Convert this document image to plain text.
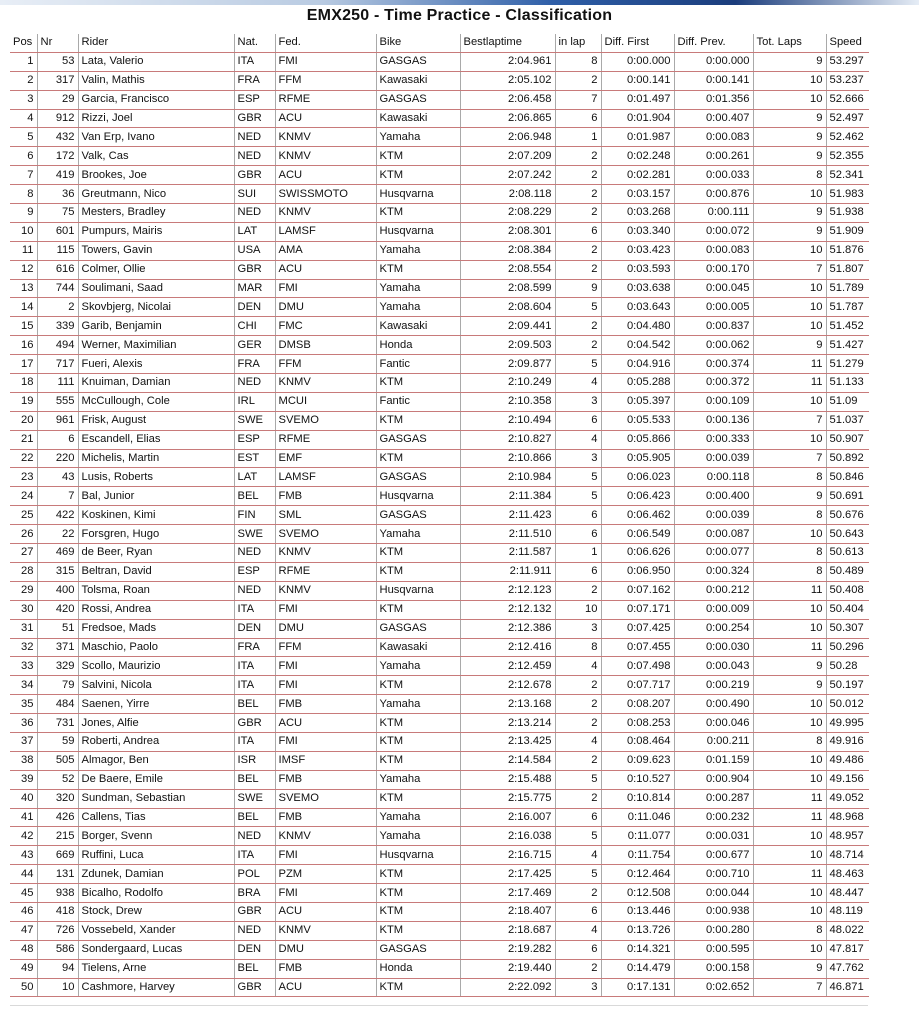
EMX250 - Time Practice - Classification
Pos	Nr	Rider	Nat.	Fed.	Bike	Bestlaptime	in lap	Diff. First	Diff. Prev.	Tot. Laps	Speed
1	53	Lata, Valerio	ITA	FMI	GASGAS	2:04.961	8	0:00.000	0:00.000	9	53.297
2	317	Valin, Mathis	FRA	FFM	Kawasaki	2:05.102	2	0:00.141	0:00.141	10	53.237
3	29	Garcia, Francisco	ESP	RFME	GASGAS	2:06.458	7	0:01.497	0:01.356	10	52.666
4	912	Rizzi, Joel	GBR	ACU	Kawasaki	2:06.865	6	0:01.904	0:00.407	9	52.497
5	432	Van Erp, Ivano	NED	KNMV	Yamaha	2:06.948	1	0:01.987	0:00.083	9	52.462
6	172	Valk, Cas	NED	KNMV	KTM	2:07.209	2	0:02.248	0:00.261	9	52.355
7	419	Brookes, Joe	GBR	ACU	KTM	2:07.242	2	0:02.281	0:00.033	8	52.341
8	36	Greutmann, Nico	SUI	SWISSMOTO	Husqvarna	2:08.118	2	0:03.157	0:00.876	10	51.983
9	75	Mesters, Bradley	NED	KNMV	KTM	2:08.229	2	0:03.268	0:00.111	9	51.938
10	601	Pumpurs, Mairis	LAT	LAMSF	Husqvarna	2:08.301	6	0:03.340	0:00.072	9	51.909
11	115	Towers, Gavin	USA	AMA	Yamaha	2:08.384	2	0:03.423	0:00.083	10	51.876
12	616	Colmer, Ollie	GBR	ACU	KTM	2:08.554	2	0:03.593	0:00.170	7	51.807
13	744	Soulimani, Saad	MAR	FMI	Yamaha	2:08.599	9	0:03.638	0:00.045	10	51.789
14	2	Skovbjerg, Nicolai	DEN	DMU	Yamaha	2:08.604	5	0:03.643	0:00.005	10	51.787
15	339	Garib, Benjamin	CHI	FMC	Kawasaki	2:09.441	2	0:04.480	0:00.837	10	51.452
16	494	Werner, Maximilian	GER	DMSB	Honda	2:09.503	2	0:04.542	0:00.062	9	51.427
17	717	Fueri, Alexis	FRA	FFM	Fantic	2:09.877	5	0:04.916	0:00.374	11	51.279
18	111	Knuiman, Damian	NED	KNMV	KTM	2:10.249	4	0:05.288	0:00.372	11	51.133
19	555	McCullough, Cole	IRL	MCUI	Fantic	2:10.358	3	0:05.397	0:00.109	10	51.09
20	961	Frisk, August	SWE	SVEMO	KTM	2:10.494	6	0:05.533	0:00.136	7	51.037
21	6	Escandell, Elias	ESP	RFME	GASGAS	2:10.827	4	0:05.866	0:00.333	10	50.907
22	220	Michelis, Martin	EST	EMF	KTM	2:10.866	3	0:05.905	0:00.039	7	50.892
23	43	Lusis, Roberts	LAT	LAMSF	GASGAS	2:10.984	5	0:06.023	0:00.118	8	50.846
24	7	Bal, Junior	BEL	FMB	Husqvarna	2:11.384	5	0:06.423	0:00.400	9	50.691
25	422	Koskinen, Kimi	FIN	SML	GASGAS	2:11.423	6	0:06.462	0:00.039	8	50.676
26	22	Forsgren, Hugo	SWE	SVEMO	Yamaha	2:11.510	6	0:06.549	0:00.087	10	50.643
27	469	de Beer, Ryan	NED	KNMV	KTM	2:11.587	1	0:06.626	0:00.077	8	50.613
28	315	Beltran, David	ESP	RFME	KTM	2:11.911	6	0:06.950	0:00.324	8	50.489
29	400	Tolsma, Roan	NED	KNMV	Husqvarna	2:12.123	2	0:07.162	0:00.212	11	50.408
30	420	Rossi, Andrea	ITA	FMI	KTM	2:12.132	10	0:07.171	0:00.009	10	50.404
31	51	Fredsoe, Mads	DEN	DMU	GASGAS	2:12.386	3	0:07.425	0:00.254	10	50.307
32	371	Maschio, Paolo	FRA	FFM	Kawasaki	2:12.416	8	0:07.455	0:00.030	11	50.296
33	329	Scollo, Maurizio	ITA	FMI	Yamaha	2:12.459	4	0:07.498	0:00.043	9	50.28
34	79	Salvini, Nicola	ITA	FMI	KTM	2:12.678	2	0:07.717	0:00.219	9	50.197
35	484	Saenen, Yirre	BEL	FMB	Yamaha	2:13.168	2	0:08.207	0:00.490	10	50.012
36	731	Jones, Alfie	GBR	ACU	KTM	2:13.214	2	0:08.253	0:00.046	10	49.995
37	59	Roberti, Andrea	ITA	FMI	KTM	2:13.425	4	0:08.464	0:00.211	8	49.916
38	505	Almagor, Ben	ISR	IMSF	KTM	2:14.584	2	0:09.623	0:01.159	10	49.486
39	52	De Baere, Emile	BEL	FMB	Yamaha	2:15.488	5	0:10.527	0:00.904	10	49.156
40	320	Sundman, Sebastian	SWE	SVEMO	KTM	2:15.775	2	0:10.814	0:00.287	11	49.052
41	426	Callens, Tias	BEL	FMB	Yamaha	2:16.007	6	0:11.046	0:00.232	11	48.968
42	215	Borger, Svenn	NED	KNMV	Yamaha	2:16.038	5	0:11.077	0:00.031	10	48.957
43	669	Ruffini, Luca	ITA	FMI	Husqvarna	2:16.715	4	0:11.754	0:00.677	10	48.714
44	131	Zdunek, Damian	POL	PZM	KTM	2:17.425	5	0:12.464	0:00.710	11	48.463
45	938	Bicalho, Rodolfo	BRA	FMI	KTM	2:17.469	2	0:12.508	0:00.044	10	48.447
46	418	Stock, Drew	GBR	ACU	KTM	2:18.407	6	0:13.446	0:00.938	10	48.119
47	726	Vossebeld, Xander	NED	KNMV	KTM	2:18.687	4	0:13.726	0:00.280	8	48.022
48	586	Sondergaard, Lucas	DEN	DMU	GASGAS	2:19.282	6	0:14.321	0:00.595	10	47.817
49	94	Tielens, Arne	BEL	FMB	Honda	2:19.440	2	0:14.479	0:00.158	9	47.762
50	10	Cashmore, Harvey	GBR	ACU	KTM	2:22.092	3	0:17.131	0:02.652	7	46.871
